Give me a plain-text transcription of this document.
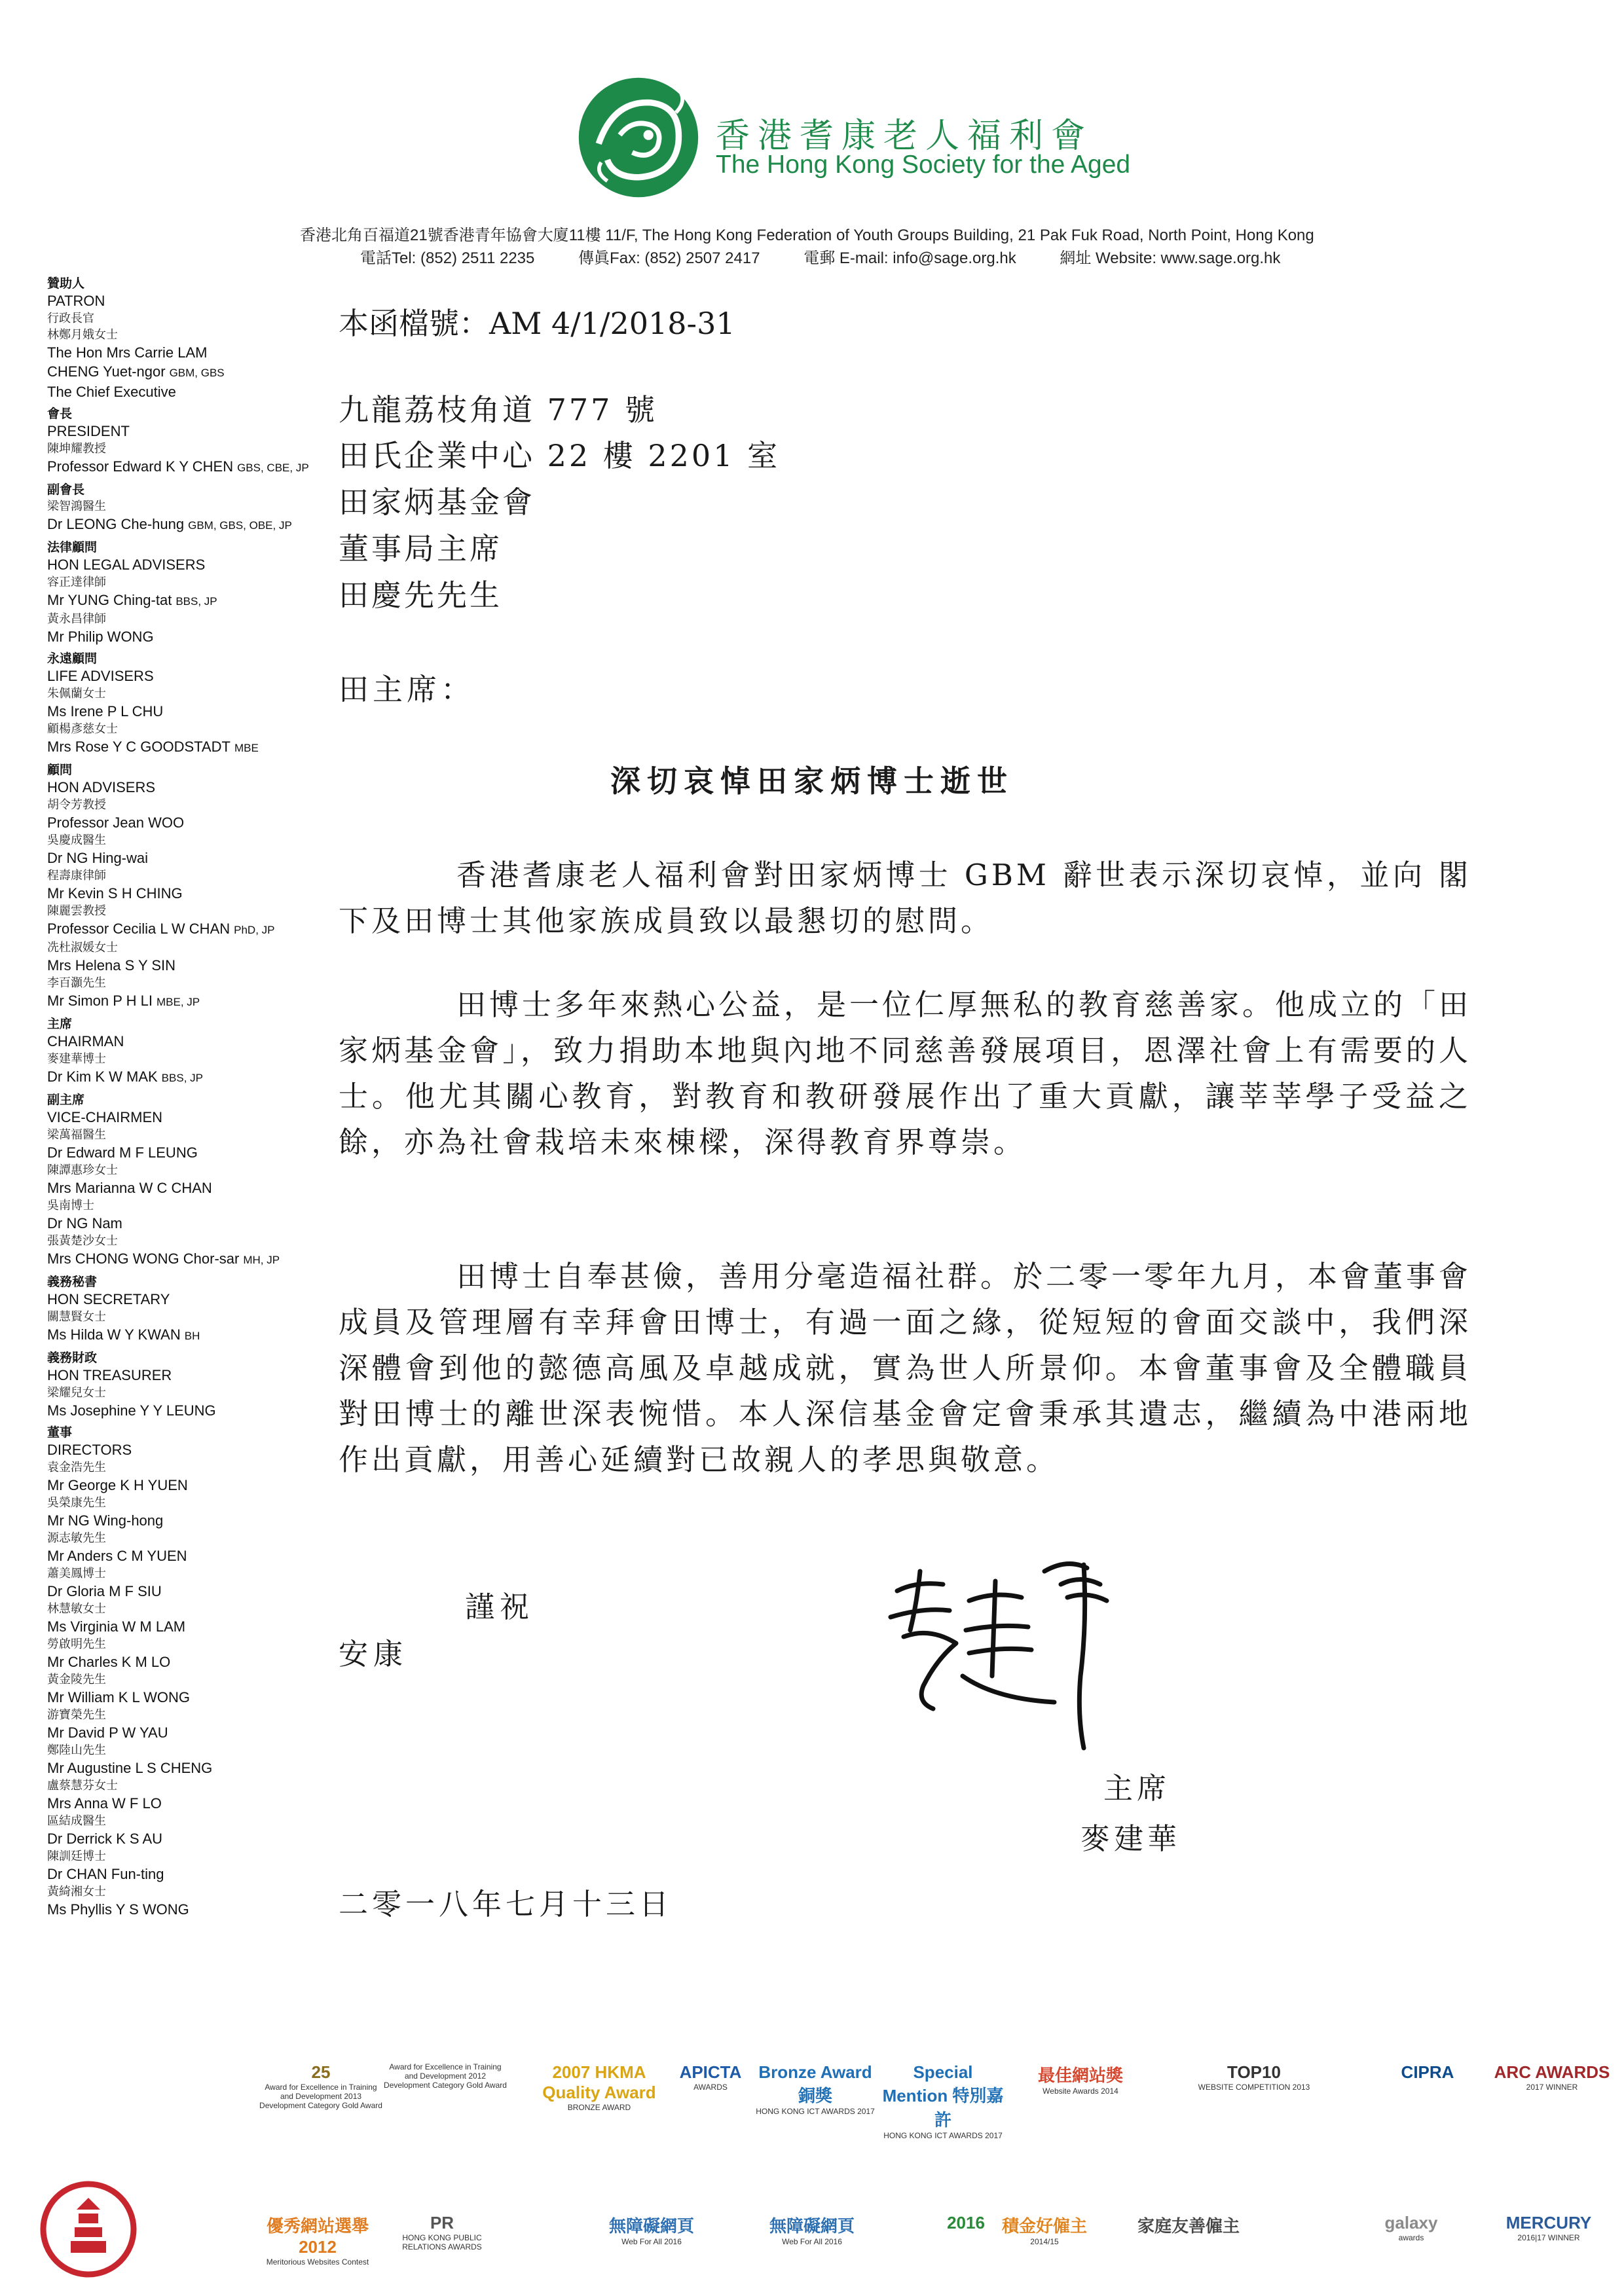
香港耆康老人福利會
The Hong Kong Society for the Aged
香港北角百福道21號香港青年協會大廈11樓 11/F, The Hong Kong Federation of Youth Groups Building, 21 Pak Fuk Road, North Point, Hong Kong
電話Tel: (852) 2511 2235	傳眞Fax: (852) 2507 2417	電郵 E-mail: info@sage.org.hk	網址 Website: www.sage.org.hk
贊助人
PATRON
行政長官
林鄭月娥女士
The Hon Mrs Carrie LAM
CHENG Yuet-ngor GBM, GBS
The Chief Executive
會長
PRESIDENT
陳坤耀教授
Professor Edward K Y CHEN GBS, CBE, JP
副會長
梁智鴻醫生
Dr LEONG Che-hung GBM, GBS, OBE, JP
法律顧問
HON LEGAL ADVISERS
容正達律師
Mr YUNG Ching-tat BBS, JP
黃永昌律師
Mr Philip WONG
永遠顧問
LIFE ADVISERS
朱佩蘭女士
Ms Irene P L CHU
顧楊彥慈女士
Mrs Rose Y C GOODSTADT MBE
顧問
HON ADVISERS
胡令芳教授
Professor Jean WOO
吳慶成醫生
Dr NG Hing-wai
程壽康律師
Mr Kevin S H CHING
陳麗雲教授
Professor Cecilia L W CHAN PhD, JP
冼杜淑媛女士
Mrs Helena S Y SIN
李百灝先生
Mr Simon P H LI MBE, JP
主席
CHAIRMAN
麥建華博士
Dr Kim K W MAK BBS, JP
副主席
VICE-CHAIRMEN
梁萬福醫生
Dr Edward M F LEUNG
陳譚惠珍女士
Mrs Marianna W C CHAN
吳南博士
Dr NG Nam
張黃楚沙女士
Mrs CHONG WONG Chor-sar MH, JP
義務秘書
HON SECRETARY
關慧賢女士
Ms Hilda W Y KWAN BH
義務財政
HON TREASURER
梁耀兒女士
Ms Josephine Y Y LEUNG
董事
DIRECTORS
袁金浩先生
Mr George K H YUEN
吳榮康先生
Mr NG Wing-hong
源志敏先生
Mr Anders C M YUEN
蕭美鳳博士
Dr Gloria M F SIU
林慧敏女士
Ms Virginia W M LAM
勞啟明先生
Mr Charles K M LO
黃金陵先生
Mr William K L WONG
游寶榮先生
Mr David P W YAU
鄭陸山先生
Mr Augustine L S CHENG
盧蔡慧芬女士
Mrs Anna W F LO
區結成醫生
Dr Derrick K S AU
陳訓廷博士
Dr CHAN Fun-ting
黃綺湘女士
Ms Phyllis Y S WONG
本函檔號：AM 4/1/2018-31
九龍荔枝角道 777 號
田氏企業中心 22 樓 2201 室
田家炳基金會
董事局主席
田慶先先生
田主席：
深切哀悼田家炳博士逝世
香港耆康老人福利會對田家炳博士 GBM 辭世表示深切哀悼，並向 閣下及田博士其他家族成員致以最懇切的慰問。
田博士多年來熱心公益，是一位仁厚無私的教育慈善家。他成立的「田家炳基金會」，致力捐助本地與內地不同慈善發展項目，恩澤社會上有需要的人士。他尤其關心教育，對教育和教研發展作出了重大貢獻，讓莘莘學子受益之餘，亦為社會栽培未來棟樑，深得教育界尊崇。
田博士自奉甚儉，善用分毫造福社群。於二零一零年九月，本會董事會成員及管理層有幸拜會田博士，有過一面之緣，從短短的會面交談中，我們深深體會到他的懿德高風及卓越成就，實為世人所景仰。本會董事會及全體職員對田博士的離世深表惋惜。本人深信基金會定會秉承其遺志，繼續為中港兩地作出貢獻，用善心延續對已故親人的孝思與敬意。
謹祝
安康
主席
麥建華
二零一八年七月十三日
25
Award for Excellence in Training and Development 2013 Development Category Gold Award
Award for Excellence in Training and Development 2012 Development Category Gold Award
2007 HKMA Quality Award
BRONZE AWARD
APICTA
AWARDS
Bronze Award 銅獎
HONG KONG ICT AWARDS 2017
Special Mention 特別嘉許
HONG KONG ICT AWARDS 2017
最佳網站獎
Website Awards 2014
TOP10
WEBSITE COMPETITION 2013
CIPRA	ARC AWARDS
2017 WINNER
優秀網站選舉2012
Meritorious Websites Contest
PR
HONG KONG PUBLIC RELATIONS AWARDS
無障礙網頁
Web For All 2016
無障礙網頁
Web For All 2016
2016	積金好僱主
2014/15
家庭友善僱主	galaxy
awards
MERCURY
2016|17 WINNER
